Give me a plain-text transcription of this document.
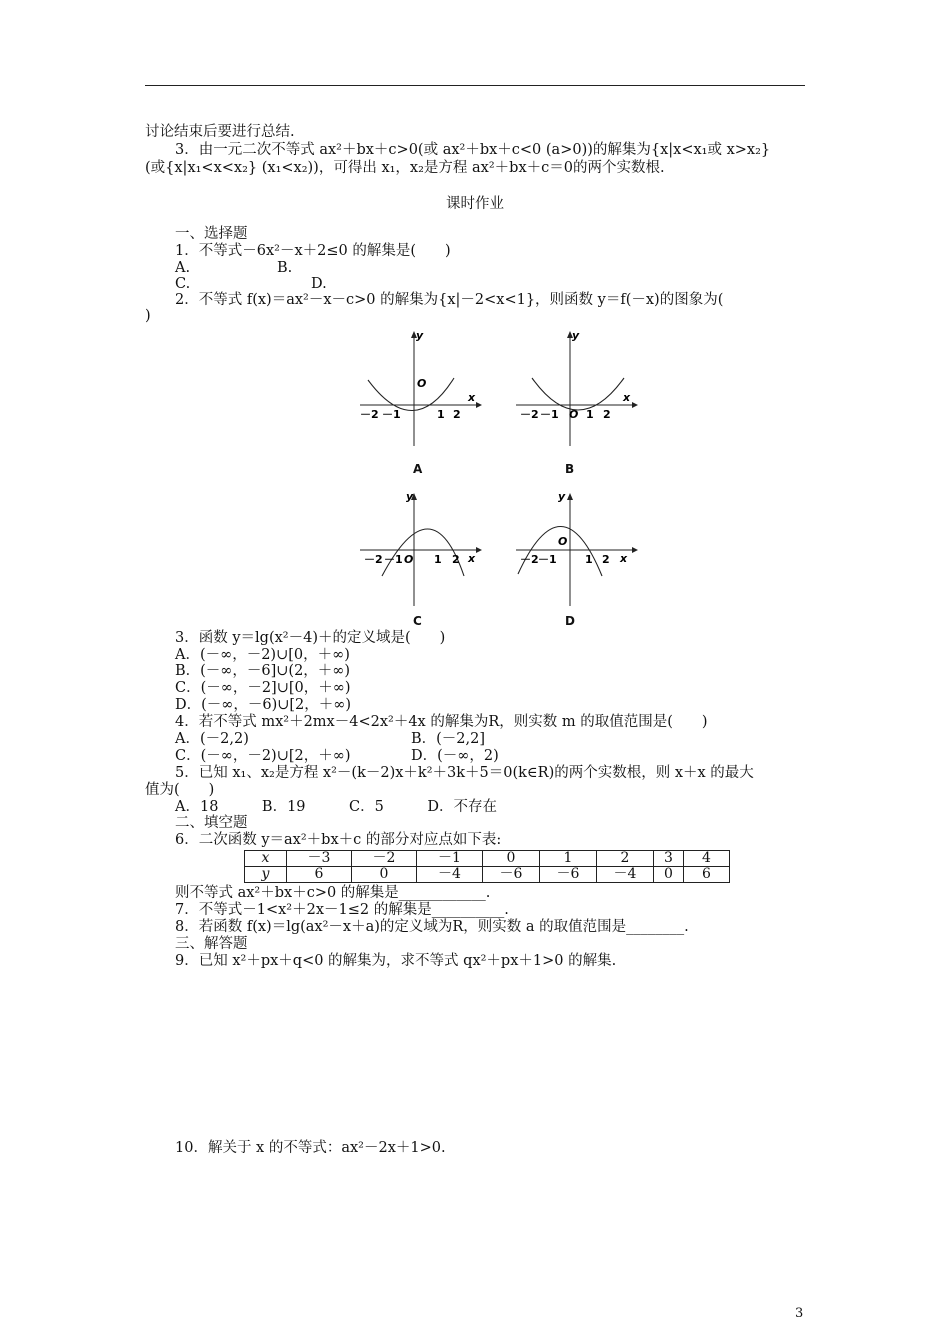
讨论结束后要进行总结.
3．由一元二次不等式 ax²＋bx＋c>0(或 ax²＋bx＋c<0 (a>0))的解集为{x|x<x₁或 x>x₂}
(或{x|x₁<x<x₂} (x₁<x₂))，可得出 x₁，x₂是方程 ax²＋bx＋c＝0的两个实数根.
课时作业
一、选择题
1．不等式－6x²－x＋2≤0 的解集是(　　)
A.	B.
C.	D.
2．不等式 f(x)＝ax²－x－c>0 的解集为{x|－2<x<1}，则函数 y＝f(－x)的图象为(
)
y
x
O
－2 －1	1 2
A
y
x
O
－2 －1 1 2
B
y
x
O
－2 －1	1 2
C
y
x
O
－2 －1	1 2
D
3．函数 y＝lg(x²－4)＋的定义域是(　　)
A．(－∞，－2)∪[0，＋∞)
B．(－∞，－6]∪(2，＋∞)
C．(－∞，－2]∪[0，＋∞)
D．(－∞，－6)∪[2，＋∞)
4．若不等式 mx²＋2mx－4<2x²＋4x 的解集为R，则实数 m 的取值范围是(　　)
A．(－2,2)	B．(－2,2]
C．(－∞，－2)∪[2，＋∞)	D．(－∞，2)
5．已知 x₁、x₂是方程 x²－(k－2)x＋k²＋3k＋5＝0(k∈R)的两个实数根，则 x＋x 的最大
值为(　　)
A．18　　　B．19　　　C．5　　　D．不存在
二、填空题
6．二次函数 y＝ax²＋bx＋c 的部分对应点如下表:
x	－3	－2	－1	0	1	2	3	4
y	6	0	－4	－6	－6	－4	0	6
则不等式 ax²＋bx＋c>0 的解集是____________.
7．不等式－1<x²＋2x－1≤2 的解集是__________.
8．若函数 f(x)＝lg(ax²－x＋a)的定义域为R，则实数 a 的取值范围是________.
三、解答题
9．已知 x²＋px＋q<0 的解集为，求不等式 qx²＋px＋1>0 的解集.
10．解关于 x 的不等式：ax²－2x＋1>0.
3
